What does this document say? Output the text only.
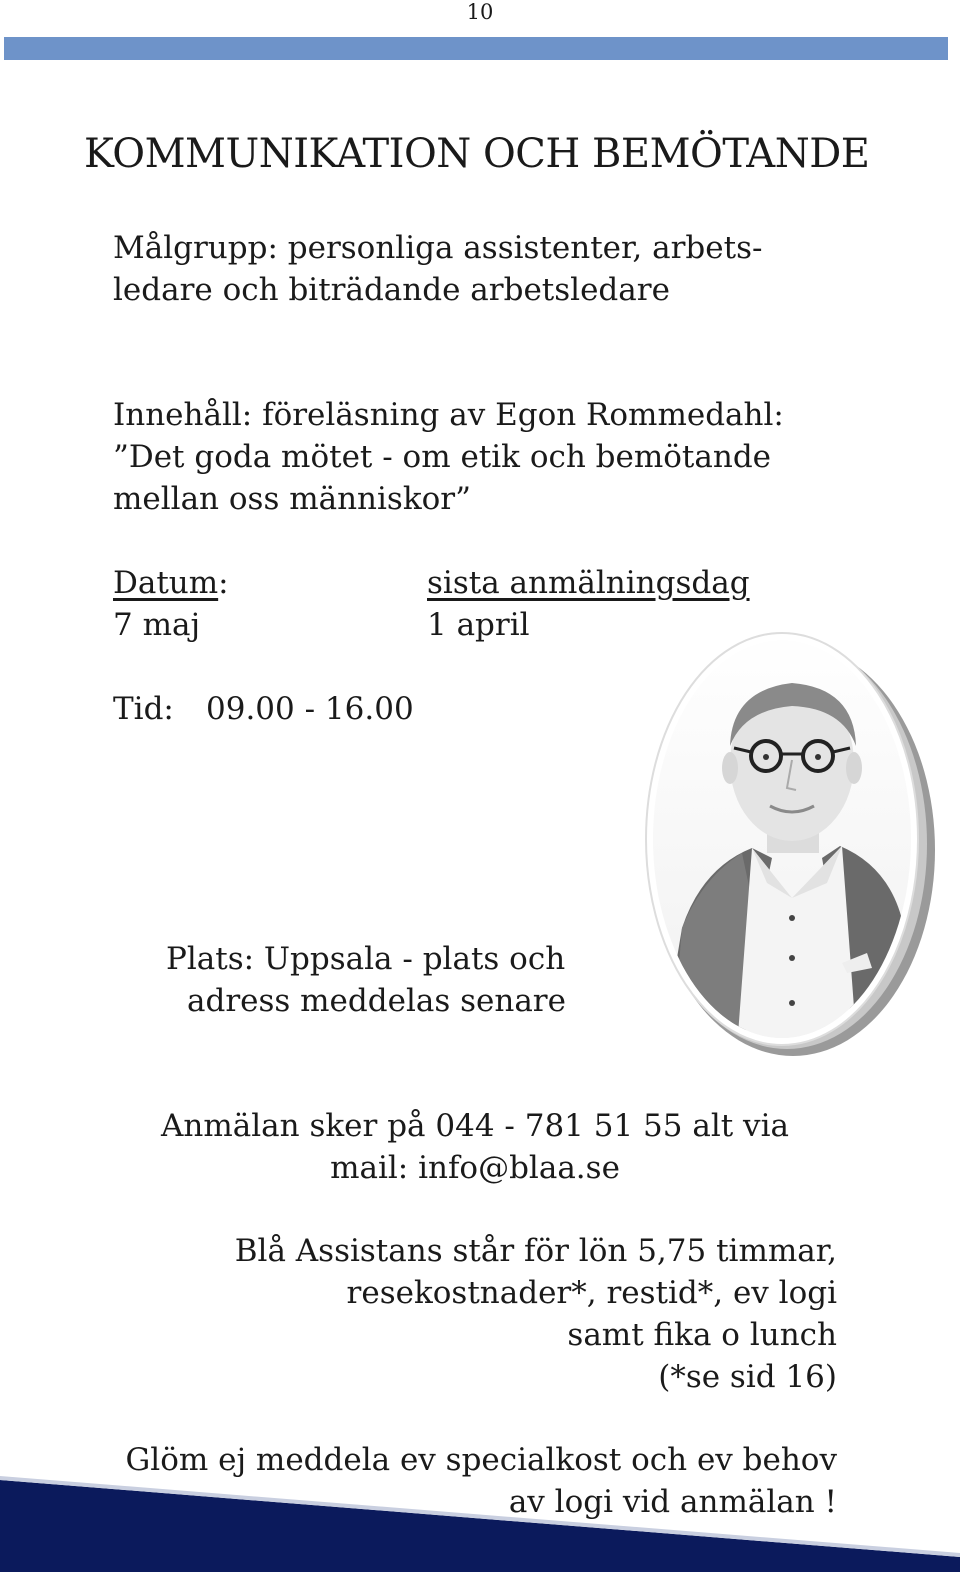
10
KOMMUNIKATION OCH BEMÖTANDE
Målgrupp: personliga assistenter, arbets-
ledare och biträdande arbetsledare
Innehåll: föreläsning av Egon Rommedahl:
”Det goda mötet - om etik och bemötande
mellan oss människor”
Datum:
7 maj
sista anmälningsdag
1 april
Tid: 09.00 - 16.00
Plats: Uppsala - plats och
adress meddelas senare
Anmälan sker på 044 - 781 51 55 alt via
mail: info@blaa.se
Blå Assistans står för lön 5,75 timmar,
resekostnader*, restid*, ev logi
samt fika o lunch
(*se sid 16)
Glöm ej meddela ev specialkost och ev behov
av logi vid anmälan !
